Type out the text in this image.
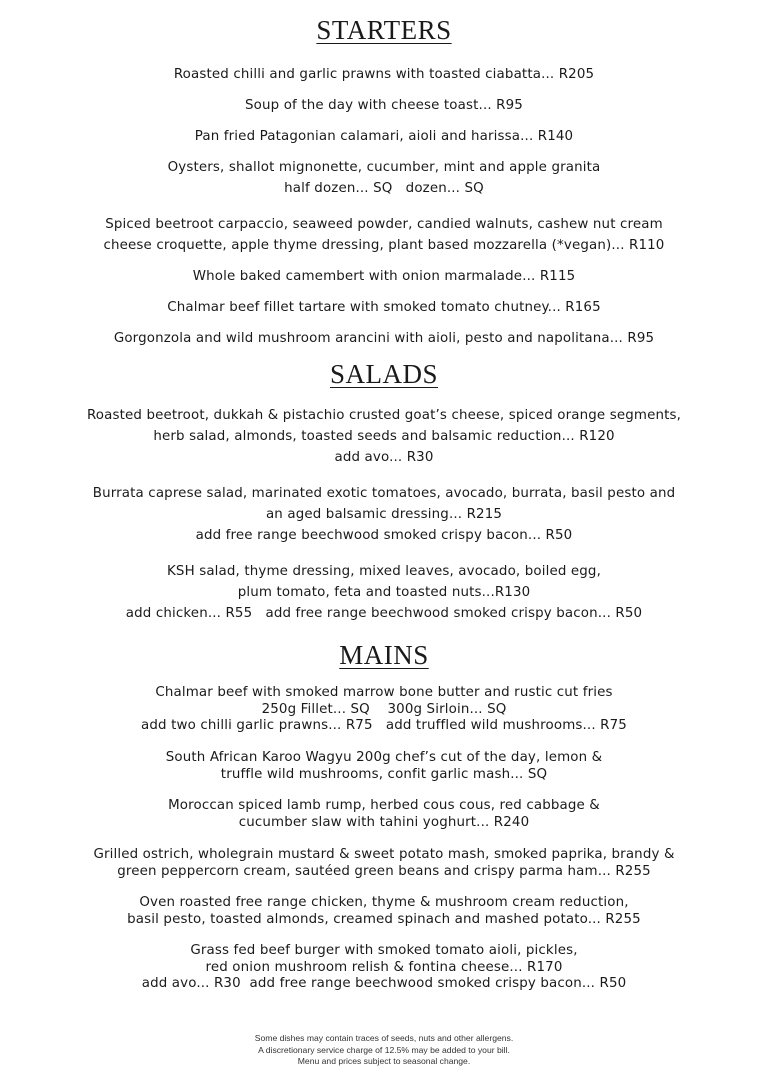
STARTERS
Roasted chilli and garlic prawns with toasted ciabatta... R205
Soup of the day with cheese toast... R95
Pan fried Patagonian calamari, aioli and harissa... R140
Oysters, shallot mignonette, cucumber, mint and apple granita
half dozen... SQ   dozen... SQ
Spiced beetroot carpaccio, seaweed powder, candied walnuts, cashew nut cream
cheese croquette, apple thyme dressing, plant based mozzarella (*vegan)... R110
Whole baked camembert with onion marmalade... R115
Chalmar beef fillet tartare with smoked tomato chutney... R165
Gorgonzola and wild mushroom arancini with aioli, pesto and napolitana... R95
SALADS
Roasted beetroot, dukkah & pistachio crusted goat’s cheese, spiced orange segments,
herb salad, almonds, toasted seeds and balsamic reduction... R120
add avo... R30
Burrata caprese salad, marinated exotic tomatoes, avocado, burrata, basil pesto and
an aged balsamic dressing... R215
add free range beechwood smoked crispy bacon... R50
KSH salad, thyme dressing, mixed leaves, avocado, boiled egg,
plum tomato, feta and toasted nuts...R130
add chicken... R55   add free range beechwood smoked crispy bacon... R50
MAINS
Chalmar beef with smoked marrow bone butter and rustic cut fries
250g Fillet... SQ    300g Sirloin... SQ
add two chilli garlic prawns... R75   add truffled wild mushrooms... R75
South African Karoo Wagyu 200g chef’s cut of the day, lemon &
truffle wild mushrooms, confit garlic mash... SQ
Moroccan spiced lamb rump, herbed cous cous, red cabbage &
cucumber slaw with tahini yoghurt... R240
Grilled ostrich, wholegrain mustard & sweet potato mash, smoked paprika, brandy &
green peppercorn cream, sautéed green beans and crispy parma ham... R255
Oven roasted free range chicken, thyme & mushroom cream reduction,
basil pesto, toasted almonds, creamed spinach and mashed potato... R255
Grass fed beef burger with smoked tomato aioli, pickles,
red onion mushroom relish & fontina cheese... R170
add avo... R30  add free range beechwood smoked crispy bacon... R50
Some dishes may contain traces of seeds, nuts and other allergens.
A discretionary service charge of 12.5% may be added to your bill.
Menu and prices subject to seasonal change.
